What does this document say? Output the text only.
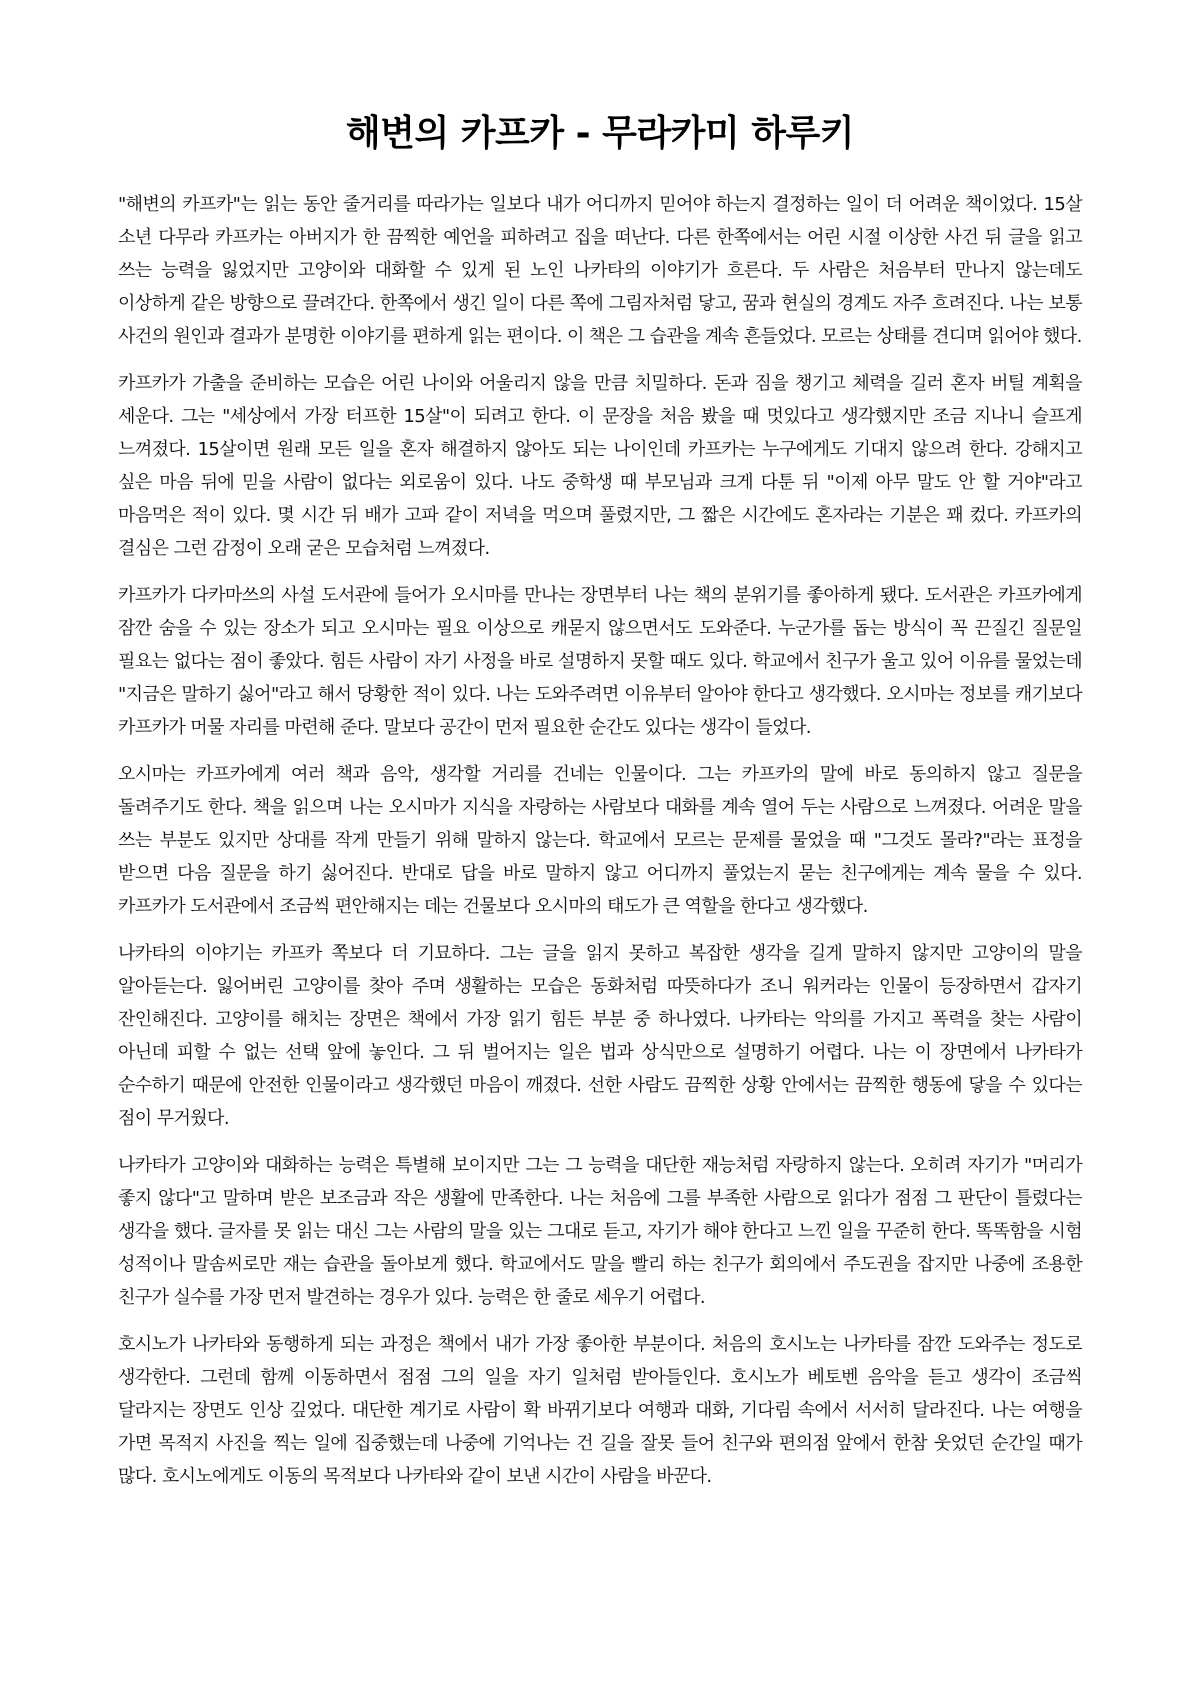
해변의 카프카 - 무라카미 하루키

"해변의 카프카"는 읽는 동안 줄거리를 따라가는 일보다 내가 어디까지 믿어야 하는지 결정하는 일이 더 어려운 책이었다. 15살 소년 다무라 카프카는 아버지가 한 끔찍한 예언을 피하려고 집을 떠난다. 다른 한쪽에서는 어린 시절 이상한 사건 뒤 글을 읽고 쓰는 능력을 잃었지만 고양이와 대화할 수 있게 된 노인 나카타의 이야기가 흐른다. 두 사람은 처음부터 만나지 않는데도 이상하게 같은 방향으로 끌려간다. 한쪽에서 생긴 일이 다른 쪽에 그림자처럼 닿고, 꿈과 현실의 경계도 자주 흐려진다. 나는 보통 사건의 원인과 결과가 분명한 이야기를 편하게 읽는 편이다. 이 책은 그 습관을 계속 흔들었다. 모르는 상태를 견디며 읽어야 했다.

카프카가 가출을 준비하는 모습은 어린 나이와 어울리지 않을 만큼 치밀하다. 돈과 짐을 챙기고 체력을 길러 혼자 버틸 계획을 세운다. 그는 "세상에서 가장 터프한 15살"이 되려고 한다. 이 문장을 처음 봤을 때 멋있다고 생각했지만 조금 지나니 슬프게 느껴졌다. 15살이면 원래 모든 일을 혼자 해결하지 않아도 되는 나이인데 카프카는 누구에게도 기대지 않으려 한다. 강해지고 싶은 마음 뒤에 믿을 사람이 없다는 외로움이 있다. 나도 중학생 때 부모님과 크게 다툰 뒤 "이제 아무 말도 안 할 거야"라고 마음먹은 적이 있다. 몇 시간 뒤 배가 고파 같이 저녁을 먹으며 풀렸지만, 그 짧은 시간에도 혼자라는 기분은 꽤 컸다. 카프카의 결심은 그런 감정이 오래 굳은 모습처럼 느껴졌다.

카프카가 다카마쓰의 사설 도서관에 들어가 오시마를 만나는 장면부터 나는 책의 분위기를 좋아하게 됐다. 도서관은 카프카에게 잠깐 숨을 수 있는 장소가 되고 오시마는 필요 이상으로 캐묻지 않으면서도 도와준다. 누군가를 돕는 방식이 꼭 끈질긴 질문일 필요는 없다는 점이 좋았다. 힘든 사람이 자기 사정을 바로 설명하지 못할 때도 있다. 학교에서 친구가 울고 있어 이유를 물었는데 "지금은 말하기 싫어"라고 해서 당황한 적이 있다. 나는 도와주려면 이유부터 알아야 한다고 생각했다. 오시마는 정보를 캐기보다 카프카가 머물 자리를 마련해 준다. 말보다 공간이 먼저 필요한 순간도 있다는 생각이 들었다.

오시마는 카프카에게 여러 책과 음악, 생각할 거리를 건네는 인물이다. 그는 카프카의 말에 바로 동의하지 않고 질문을 돌려주기도 한다. 책을 읽으며 나는 오시마가 지식을 자랑하는 사람보다 대화를 계속 열어 두는 사람으로 느껴졌다. 어려운 말을 쓰는 부분도 있지만 상대를 작게 만들기 위해 말하지 않는다. 학교에서 모르는 문제를 물었을 때 "그것도 몰라?"라는 표정을 받으면 다음 질문을 하기 싫어진다. 반대로 답을 바로 말하지 않고 어디까지 풀었는지 묻는 친구에게는 계속 물을 수 있다. 카프카가 도서관에서 조금씩 편안해지는 데는 건물보다 오시마의 태도가 큰 역할을 한다고 생각했다.

나카타의 이야기는 카프카 쪽보다 더 기묘하다. 그는 글을 읽지 못하고 복잡한 생각을 길게 말하지 않지만 고양이의 말을 알아듣는다. 잃어버린 고양이를 찾아 주며 생활하는 모습은 동화처럼 따뜻하다가 조니 워커라는 인물이 등장하면서 갑자기 잔인해진다. 고양이를 해치는 장면은 책에서 가장 읽기 힘든 부분 중 하나였다. 나카타는 악의를 가지고 폭력을 찾는 사람이 아닌데 피할 수 없는 선택 앞에 놓인다. 그 뒤 벌어지는 일은 법과 상식만으로 설명하기 어렵다. 나는 이 장면에서 나카타가 순수하기 때문에 안전한 인물이라고 생각했던 마음이 깨졌다. 선한 사람도 끔찍한 상황 안에서는 끔찍한 행동에 닿을 수 있다는 점이 무거웠다.

나카타가 고양이와 대화하는 능력은 특별해 보이지만 그는 그 능력을 대단한 재능처럼 자랑하지 않는다. 오히려 자기가 "머리가 좋지 않다"고 말하며 받은 보조금과 작은 생활에 만족한다. 나는 처음에 그를 부족한 사람으로 읽다가 점점 그 판단이 틀렸다는 생각을 했다. 글자를 못 읽는 대신 그는 사람의 말을 있는 그대로 듣고, 자기가 해야 한다고 느낀 일을 꾸준히 한다. 똑똑함을 시험 성적이나 말솜씨로만 재는 습관을 돌아보게 했다. 학교에서도 말을 빨리 하는 친구가 회의에서 주도권을 잡지만 나중에 조용한 친구가 실수를 가장 먼저 발견하는 경우가 있다. 능력은 한 줄로 세우기 어렵다.

호시노가 나카타와 동행하게 되는 과정은 책에서 내가 가장 좋아한 부분이다. 처음의 호시노는 나카타를 잠깐 도와주는 정도로 생각한다. 그런데 함께 이동하면서 점점 그의 일을 자기 일처럼 받아들인다. 호시노가 베토벤 음악을 듣고 생각이 조금씩 달라지는 장면도 인상 깊었다. 대단한 계기로 사람이 확 바뀌기보다 여행과 대화, 기다림 속에서 서서히 달라진다. 나는 여행을 가면 목적지 사진을 찍는 일에 집중했는데 나중에 기억나는 건 길을 잘못 들어 친구와 편의점 앞에서 한참 웃었던 순간일 때가 많다. 호시노에게도 이동의 목적보다 나카타와 같이 보낸 시간이 사람을 바꾼다.
